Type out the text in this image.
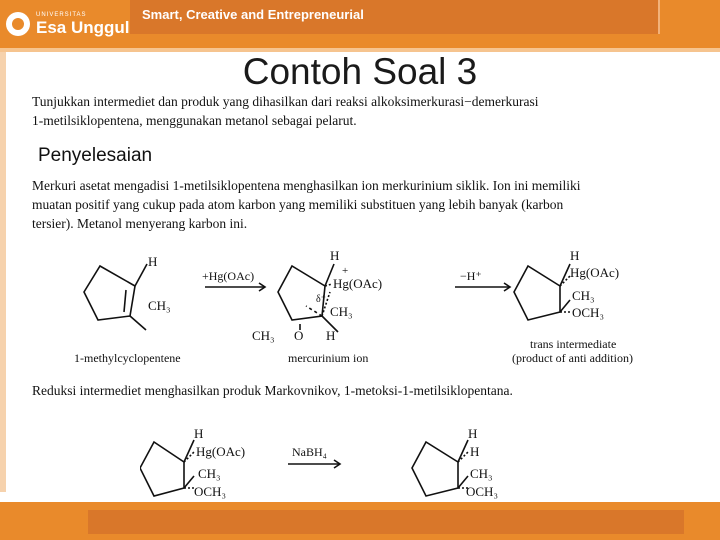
UNIVERSITAS
Esa Unggul
Smart, Creative and Entrepreneurial
Contoh Soal 3
Tunjukkan intermediet dan produk yang dihasilkan dari reaksi alkoksimerkurasi−demerkurasi
1-metilsiklopentena, menggunakan metanol sebagai pelarut.
Penyelesaian
Merkuri asetat mengadisi 1-metilsiklopentena menghasilkan ion merkurinium siklik. Ion ini memiliki
muatan positif yang cukup pada atom karbon yang memiliki substituen yang lebih banyak (karbon
tersier). Metanol menyerang karbon ini.
H
CH₃
+Hg(OAc)
H
+
Hg(OAc)
δ⁺
CH₃
CH₃ O H
−H⁺
H
Hg(OAc)
CH₃
OCH₃
1-methylcyclopentene	mercurinium ion
trans intermediate
(product of anti addition)
Reduksi intermediet menghasilkan produk Markovnikov, 1-metoksi-1-metilsiklopentana.
H
Hg(OAc)
CH₃
OCH₃
NaBH₄
H
H
CH₃
OCH₃
